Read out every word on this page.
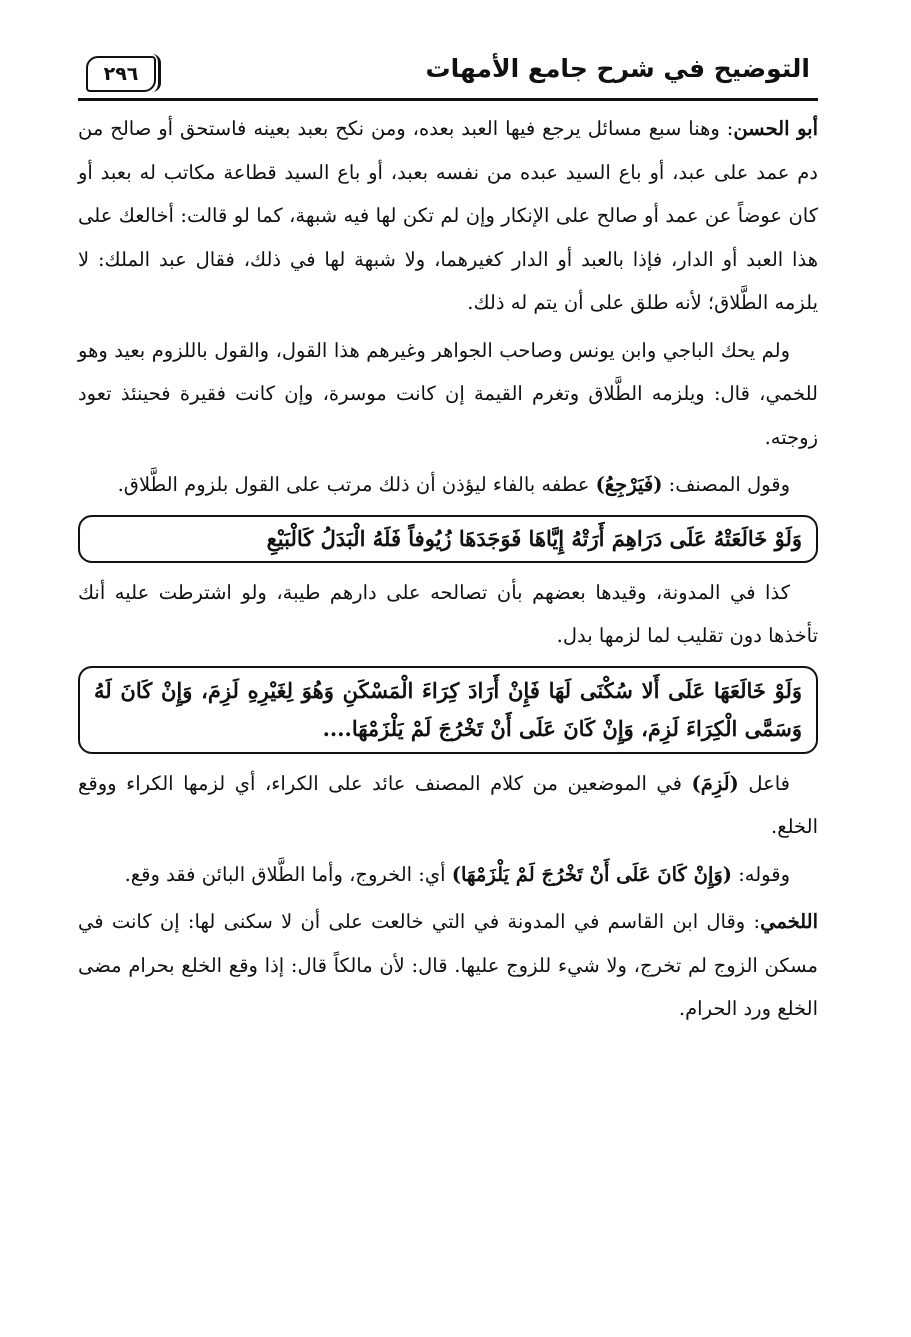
التوضيح في شرح جامع الأمهات
٢٩٦

أبو الحسن: وهنا سبع مسائل يرجع فيها العبد بعده، ومن نكح بعبد بعينه فاستحق أو صالح من دم عمد على عبد، أو باع السيد عبده من نفسه بعبد، أو باع السيد قطاعة مكاتب له بعبد أو كان عوضاً عن عمد أو صالح على الإنكار وإن لم تكن لها فيه شبهة، كما لو قالت: أخالعك على هذا العبد أو الدار، فإذا بالعبد أو الدار كغيرهما، ولا شبهة لها في ذلك، فقال عبد الملك: لا يلزمه الطَّلاق؛ لأنه طلق على أن يتم له ذلك.

ولم يحك الباجي وابن يونس وصاحب الجواهر وغيرهم هذا القول، والقول باللزوم بعيد وهو للخمي، قال: ويلزمه الطَّلاق وتغرم القيمة إن كانت موسرة، وإن كانت فقيرة فحينئذ تعود زوجته.

وقول المصنف: (فَيَرْجِعُ) عطفه بالفاء ليؤذن أن ذلك مرتب على القول بلزوم الطَّلاق.

وَلَوْ خَالَعَتْهُ عَلَى دَرَاهِمَ أَرَتْهُ إِيَّاهَا فَوَجَدَهَا زُيُوفاً فَلَهُ الْبَدَلُ كَالْبَيْعِ

كذا في المدونة، وقيدها بعضهم بأن تصالحه على دارهم طيبة، ولو اشترطت عليه أنك تأخذها دون تقليب لما لزمها بدل.

وَلَوْ خَالَعَهَا عَلَى أَلا سُكْنَى لَهَا فَإِنْ أَرَادَ كِرَاءَ الْمَسْكَنِ وَهُوَ لِغَيْرِهِ لَزِمَ، وَإِنْ كَانَ لَهُ وَسَمَّى الْكِرَاءَ لَزِمَ، وَإِنْ كَانَ عَلَى أَنْ تَخْرُجَ لَمْ يَلْزَمْهَا....

فاعل (لَزِمَ) في الموضعين من كلام المصنف عائد على الكراء، أي لزمها الكراء ووقع الخلع.

وقوله: (وَإِنْ كَانَ عَلَى أَنْ تَخْرُجَ لَمْ يَلْزَمْهَا) أي: الخروج، وأما الطَّلاق البائن فقد وقع.

اللخمي: وقال ابن القاسم في المدونة في التي خالعت على أن لا سكنى لها: إن كانت في مسكن الزوج لم تخرج، ولا شيء للزوج عليها. قال: لأن مالكاً قال: إذا وقع الخلع بحرام مضى الخلع ورد الحرام.
